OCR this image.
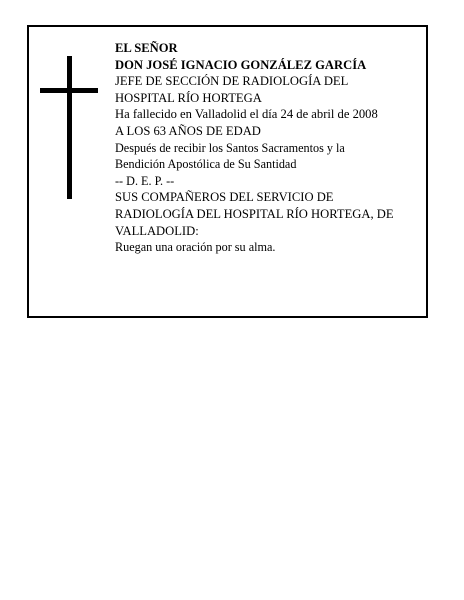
EL SEÑOR
DON JOSÉ IGNACIO GONZÁLEZ GARCÍA
JEFE DE SECCIÓN DE RADIOLOGÍA DEL
HOSPITAL RÍO HORTEGA
Ha fallecido en Valladolid el día 24 de abril de 2008
A LOS 63 AÑOS DE EDAD
Después de recibir los Santos Sacramentos y la
Bendición Apostólica de Su Santidad
-- D. E. P. --
SUS COMPAÑEROS DEL SERVICIO DE
RADIOLOGÍA DEL HOSPITAL RÍO HORTEGA, DE
VALLADOLID:
Ruegan una oración por su alma.
